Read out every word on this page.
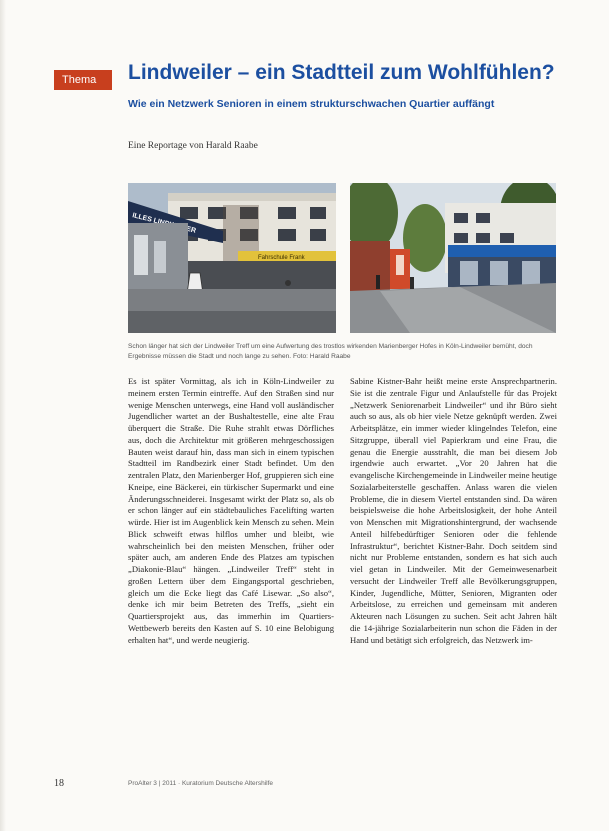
Thema	Lindweiler – ein Stadtteil zum Wohlfühlen?
Wie ein Netzwerk Senioren in einem strukturschwachen Quartier auffängt
Eine Reportage von Harald Raabe
Fahrschule Frank
ILLES
Schon länger hat sich der Lindweiler Treff um eine Aufwertung des trostlos wirkenden Marienberger Hofes in Köln-Lindweiler bemüht, doch Ergebnisse müssen die Stadt und noch lange zu sehen. Foto: Harald Raabe
Es ist später Vormittag, als ich in Köln-Lindweiler zu meinem ersten Termin eintreffe. Auf den Straßen sind nur wenige Menschen unterwegs, eine Hand voll ausländischer Jugendlicher wartet an der Bushaltestelle, eine alte Frau überquert die Straße. Die Ruhe strahlt etwas Dörfliches aus, doch die Architektur mit größeren mehrgeschossigen Bauten weist darauf hin, dass man sich in einem typischen Stadtteil im Randbezirk einer Stadt befindet. Um den zentralen Platz, den Marienberger Hof, gruppieren sich eine Kneipe, eine Bäckerei, ein türkischer Supermarkt und eine Änderungsschneiderei. Insgesamt wirkt der Platz so, als ob er schon länger auf ein städtebauliches Facelifting warten würde. Hier ist im Augenblick kein Mensch zu sehen. Mein Blick schweift etwas hilflos umher und bleibt, wie wahrscheinlich bei den meisten Menschen, früher oder später auch, am anderen Ende des Platzes am typischen „Diakonie-Blau“ hängen. „Lindweiler Treff“ steht in großen Lettern über dem Eingangsportal geschrieben, gleich um die Ecke liegt das Café Lisewar. „So also“, denke ich mir beim Betreten des Treffs, „sieht ein Quartiersprojekt aus, das immerhin im Quartiers-Wettbewerb bereits den Kasten auf S. 10 eine Belobigung erhalten hat“, und werde neugierig.
Sabine Kistner-Bahr heißt meine erste Ansprechpartnerin. Sie ist die zentrale Figur und Anlaufstelle für das Projekt „Netzwerk Seniorenarbeit Lindweiler“ und ihr Büro sieht auch so aus, als ob hier viele Netze geknüpft werden. Zwei Arbeitsplätze, ein immer wieder klingelndes Telefon, eine Sitzgruppe, überall viel Papierkram und eine Frau, die genau die Energie ausstrahlt, die man bei diesem Job irgendwie auch erwartet. „Vor 20 Jahren hat die evangelische Kirchengemeinde in Lindweiler meine heutige Sozialarbeiterstelle geschaffen. Anlass waren die vielen Probleme, die in diesem Viertel entstanden sind. Da wären beispielsweise die hohe Arbeitslosigkeit, der hohe Anteil von Menschen mit Migrationshintergrund, der wachsende Anteil hilfebedürftiger Senioren oder die fehlende Infrastruktur“, berichtet Kistner-Bahr. Doch seitdem sind nicht nur Probleme entstanden, sondern es hat sich auch viel getan in Lindweiler. Mit der Gemeinwesenarbeit versucht der Lindweiler Treff alle Bevölkerungsgruppen, Kinder, Jugendliche, Mütter, Senioren, Migranten oder Arbeitslose, zu erreichen und gemeinsam mit anderen Akteuren nach Lösungen zu suchen. Seit acht Jahren hält die 14-jährige Sozialarbeiterin nun schon die Fäden in der Hand und betätigt sich erfolgreich, das Netzwerk im-
18	ProAlter 3 | 2011 · Kuratorium Deutsche Altershilfe
